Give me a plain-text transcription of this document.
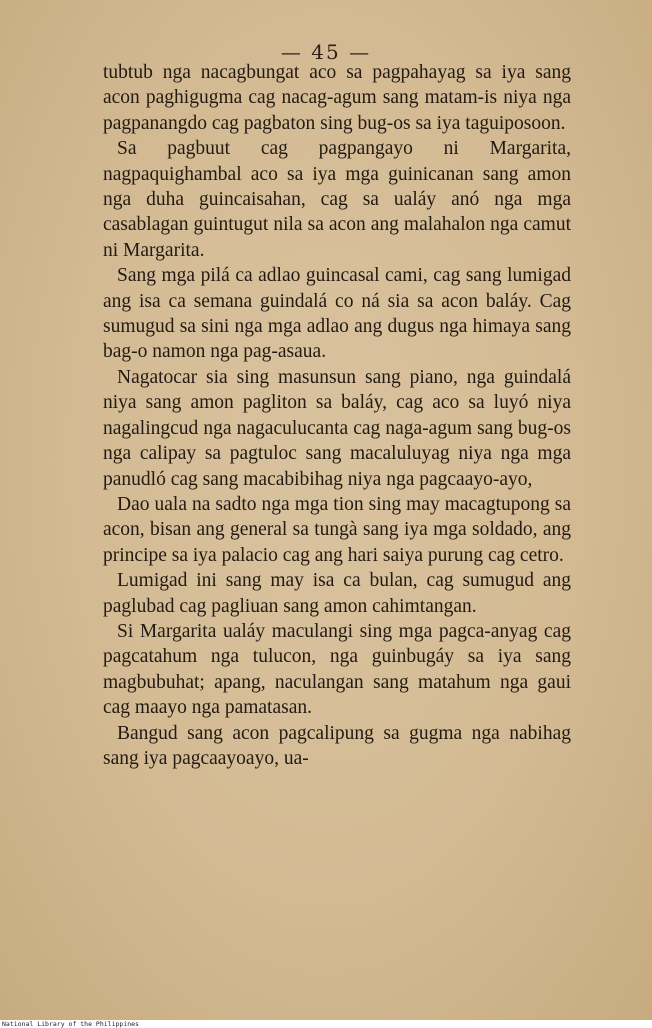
— 45 —

tubtub nga nacagbungat aco sa pagpahayag sa iya sang acon paghigugma cag nacag-agum sang matam-is niya nga pagpanangdo cag pagbaton sing bug-os sa iya taguiposoon.

Sa pagbuut cag pagpangayo ni Margarita, nagpaquighambal aco sa iya mga guinicanan sang amon nga duha guincaisahan, cag sa ualáy anó nga mga casablagan guintugut nila sa acon ang malahalon nga camut ni Margarita.

Sang mga pilá ca adlao guincasal cami, cag sang lumigad ang isa ca semana guindalá co ná sia sa acon baláy. Cag sumugud sa sini nga mga adlao ang dugus nga himaya sang bag-o namon nga pag-asaua.

Nagatocar sia sing masunsun sang piano, nga guindalá niya sang amon pagliton sa baláy, cag aco sa luyó niya nagalingcud nga nagaculucanta cag naga-agum sang bug-os nga calipay sa pagtuloc sang macaluluyag niya nga mga panudló cag sang macabibihag niya nga pagcaayo-ayo,

Dao uala na sadto nga mga tion sing may macagtupong sa acon, bisan ang general sa tungà sang iya mga soldado, ang principe sa iya palacio cag ang hari saiya purung cag cetro.

Lumigad ini sang may isa ca bulan, cag sumugud ang paglubad cag pagliuan sang amon cahimtangan.

Si Margarita ualáy maculangi sing mga pagca-anyag cag pagcatahum nga tulucon, nga guinbugáy sa iya sang magbubuhat; apang, naculangan sang matahum nga gaui cag maayo nga pamatasan.

Bangud sang acon pagcalipung sa gugma nga nabihag sang iya pagcaayoayo, ua-

National Library of the Philippines
